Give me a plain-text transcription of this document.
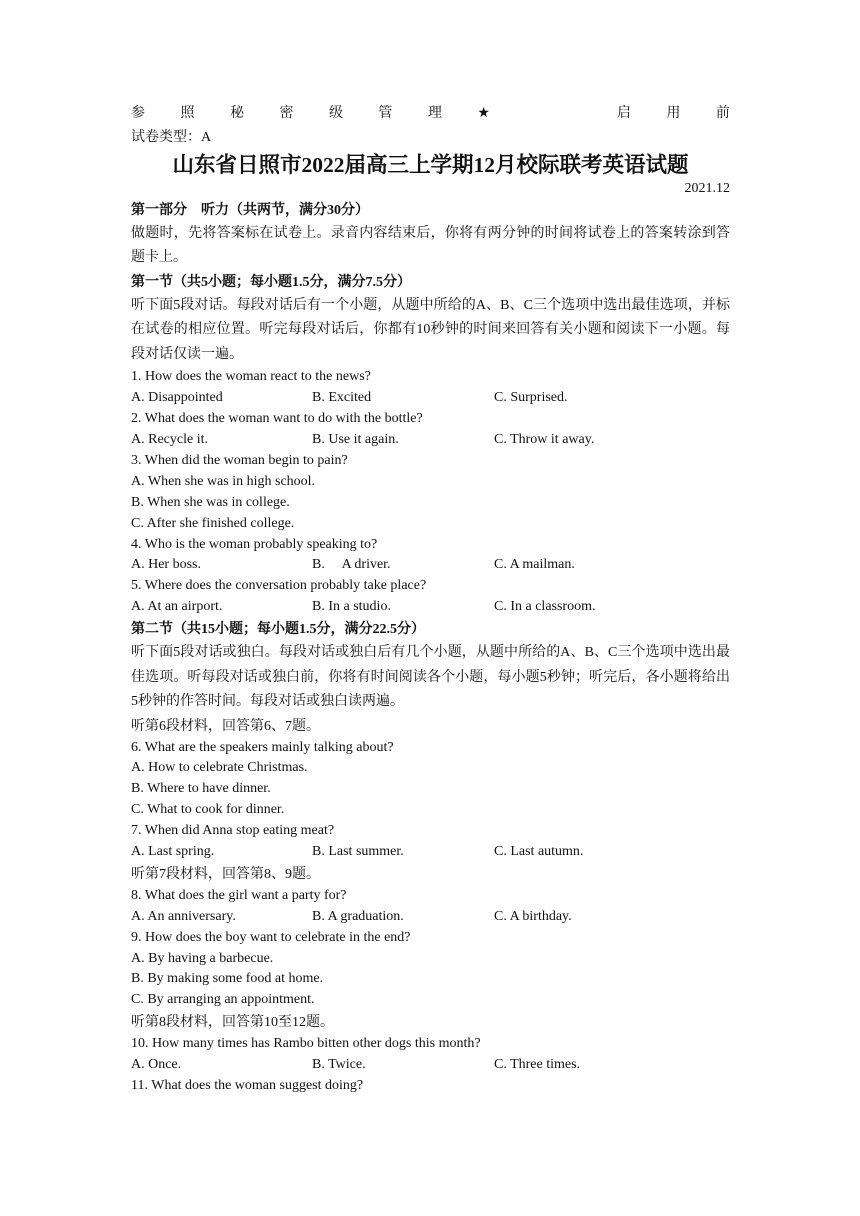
参	照	秘	密	级	管	理	★	启	用	前
试卷类型：A
山东省日照市2022届高三上学期12月校际联考英语试题
2021.12
第一部分　听力（共两节，满分30分）

做题时，先将答案标在试卷上。录音内容结束后，你将有两分钟的时间将试卷上的答案转涂到答题卡上。

第一节（共5小题；每小题1.5分，满分7.5分）

听下面5段对话。每段对话后有一个小题，从题中所给的A、B、C三个选项中选出最佳选项，并标在试卷的相应位置。听完每段对话后，你都有10秒钟的时间来回答有关小题和阅读下一小题。每段对话仅读一遍。

1. How does the woman react to the news?
A. Disappointed	B. Excited	C. Surprised.
2. What does the woman want to do with the bottle?
A. Recycle it.	B. Use it again.	C. Throw it away.
3. When did the woman begin to pain?
A. When she was in high school.
B. When she was in college.
C. After she finished college.
4. Who is the woman probably speaking to?
A. Her boss.	B.　 A driver.	C. A mailman.
5. Where does the conversation probably take place?
A. At an airport.	B. In a studio.	C. In a classroom.
第二节（共15小题；每小题1.5分，满分22.5分）

听下面5段对话或独白。每段对话或独白后有几个小题，从题中所给的A、B、C三个选项中选出最佳选项。听每段对话或独白前，你将有时间阅读各个小题，每小题5秒钟；听完后，各小题将给出5秒钟的作答时间。每段对话或独白读两遍。

听第6段材料，回答第6、7题。
6. What are the speakers mainly talking about?
A. How to celebrate Christmas.
B. Where to have dinner.
C. What to cook for dinner.
7. When did Anna stop eating meat?
A. Last spring.	B. Last summer.	C. Last autumn.
听第7段材料，回答第8、9题。
8. What does the girl want a party for?
A. An anniversary.	B. A graduation.	C. A birthday.
9. How does the boy want to celebrate in the end?
A. By having a barbecue.
B. By making some food at home.
C. By arranging an appointment.
听第8段材料，回答第10至12题。
10. How many times has Rambo bitten other dogs this month?
A. Once.	B. Twice.	C. Three times.
11. What does the woman suggest doing?
